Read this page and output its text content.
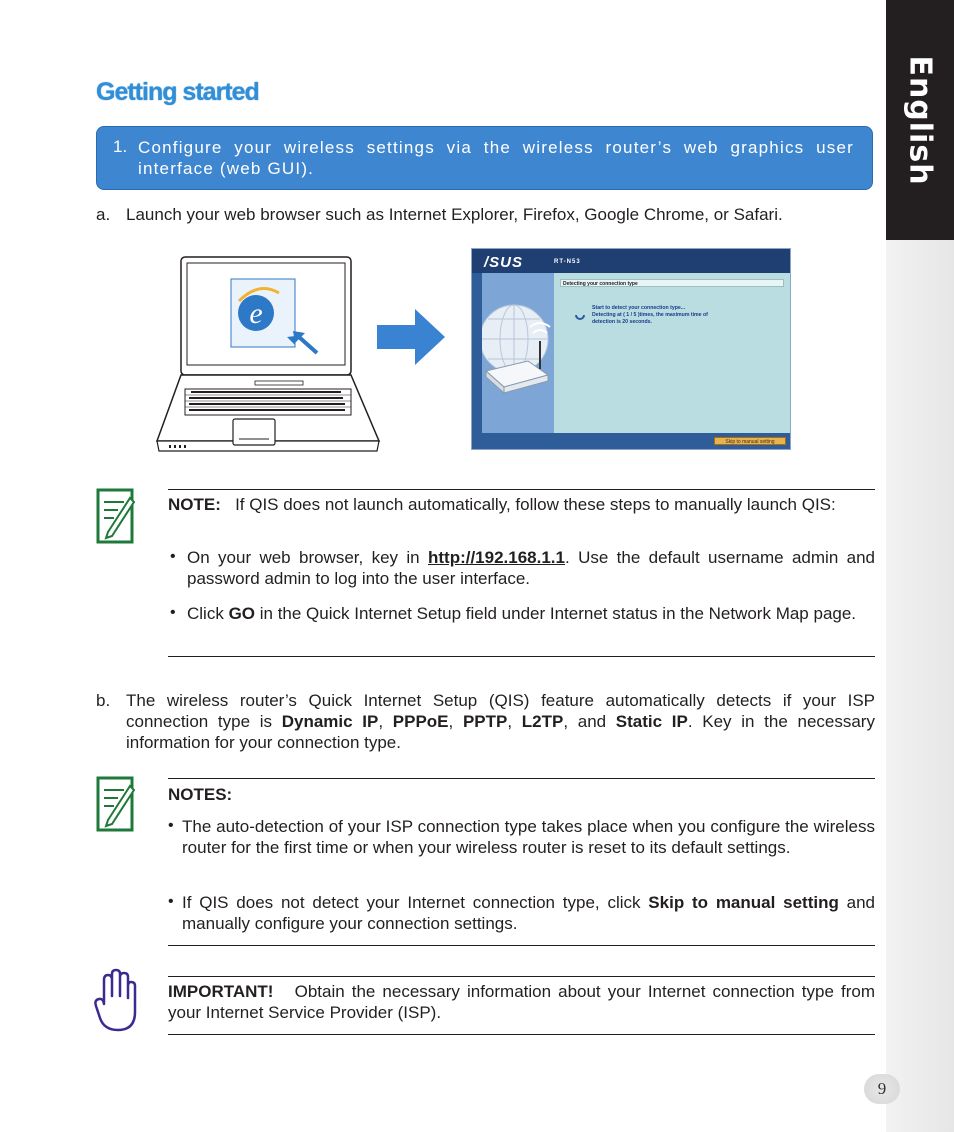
English
Getting started
1. Configure your wireless settings via the wireless router’s web graphics user interface (web GUI).
a. Launch your web browser such as Internet Explorer, Firefox, Google Chrome, or Safari.
e
/SUS	RT-N53
Detecting your connection type
Start to detect your connection type...
Detecting at ( 1 / 5 )times, the maximum time of
detection is 20 seconds.
Skip to manual setting
NOTE: If QIS does not launch automatically, follow these steps to manually launch QIS:
• On your web browser, key in http://192.168.1.1. Use the default username admin and password admin to log into the user interface.
• Click GO in the Quick Internet Setup field under Internet status in the Network Map page.
b. The wireless router’s Quick Internet Setup (QIS) feature automatically detects if your ISP connection type is Dynamic IP, PPPoE, PPTP, L2TP, and Static IP. Key in the necessary information for your connection type.
NOTES:
• The auto-detection of your ISP connection type takes place when you configure the wireless router for the first time or when your wireless router is reset to its default settings.
• If QIS does not detect your Internet connection type, click Skip to manual setting and manually configure your connection settings.
IMPORTANT! Obtain the necessary information about your Internet connection type from your Internet Service Provider (ISP).
9
